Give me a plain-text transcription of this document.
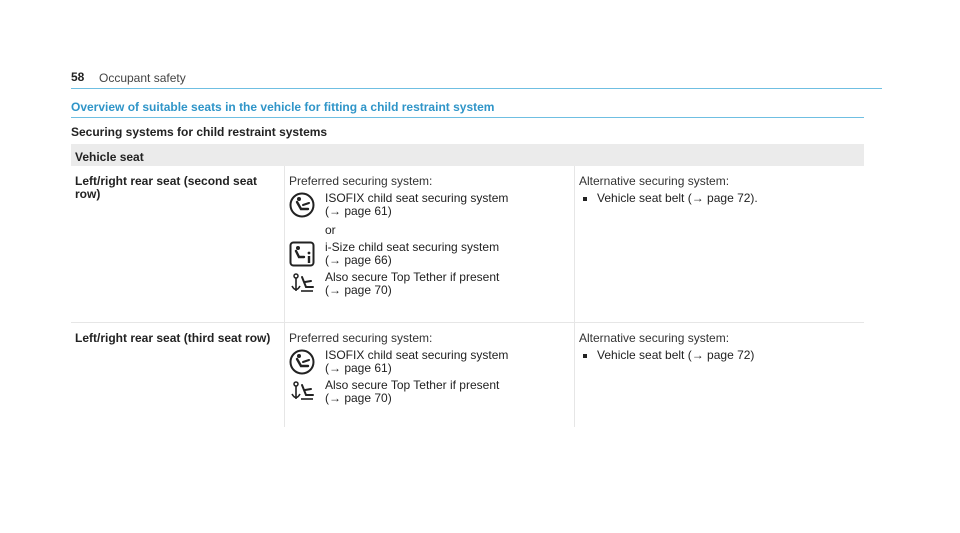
58 Occupant safety
Overview of suitable seats in the vehicle for fitting a child restraint system
Securing systems for child restraint systems
Vehicle seat
Left/right rear seat (second seat row)
Preferred securing system:
ISOFIX child seat securing system
(→ page 61)
or
i-Size child seat securing system
(→ page 66)
Also secure Top Tether if present
(→ page 70)
Alternative securing system:
Vehicle seat belt (→ page 72).
Left/right rear seat (third seat row)	Preferred securing system:
ISOFIX child seat securing system
(→ page 61)
Also secure Top Tether if present
(→ page 70)
Alternative securing system:
Vehicle seat belt (→ page 72)
